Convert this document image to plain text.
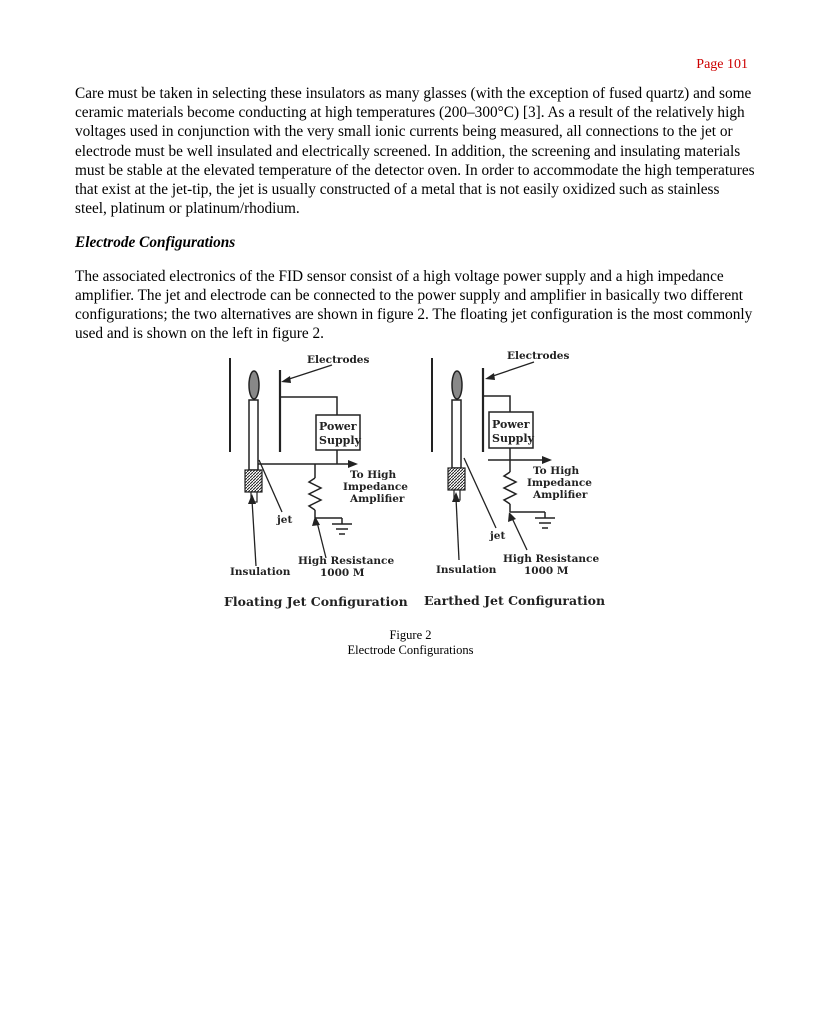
Page 101

Care must be taken in selecting these insulators as many glasses (with the exception of fused quartz) and some ceramic materials become conducting at high temperatures (200–300°C) [3]. As a result of the relatively high voltages used in conjunction with the very small ionic currents being measured, all connections to the jet or electrode must be well insulated and electrically screened. In addition, the screening and insulating materials must be stable at the elevated temperature of the detector oven. In order to accommodate the high temperatures that exist at the jet-tip, the jet is usually constructed of a metal that is not easily oxidized such as stainless steel, platinum or platinum/rhodium.

Electrode Configurations

The associated electronics of the FID sensor consist of a high voltage power supply and a high impedance amplifier. The jet and electrode can be connected to the power supply and amplifier in basically two different configurations; the two alternatives are shown in figure 2. The floating jet configuration is the most commonly used and is shown on the left in figure 2.

Electrodes
Power
Supply
To High
Impedance
Amplifier
jet
Insulation
High Resistance
1000 M
Floating Jet Configuration
Electrodes
Power
Supply
To High
Impedance
Amplifier
jet
Insulation
High Resistance
1000 M
Earthed Jet Configuration
Figure 2
Electrode Configurations
